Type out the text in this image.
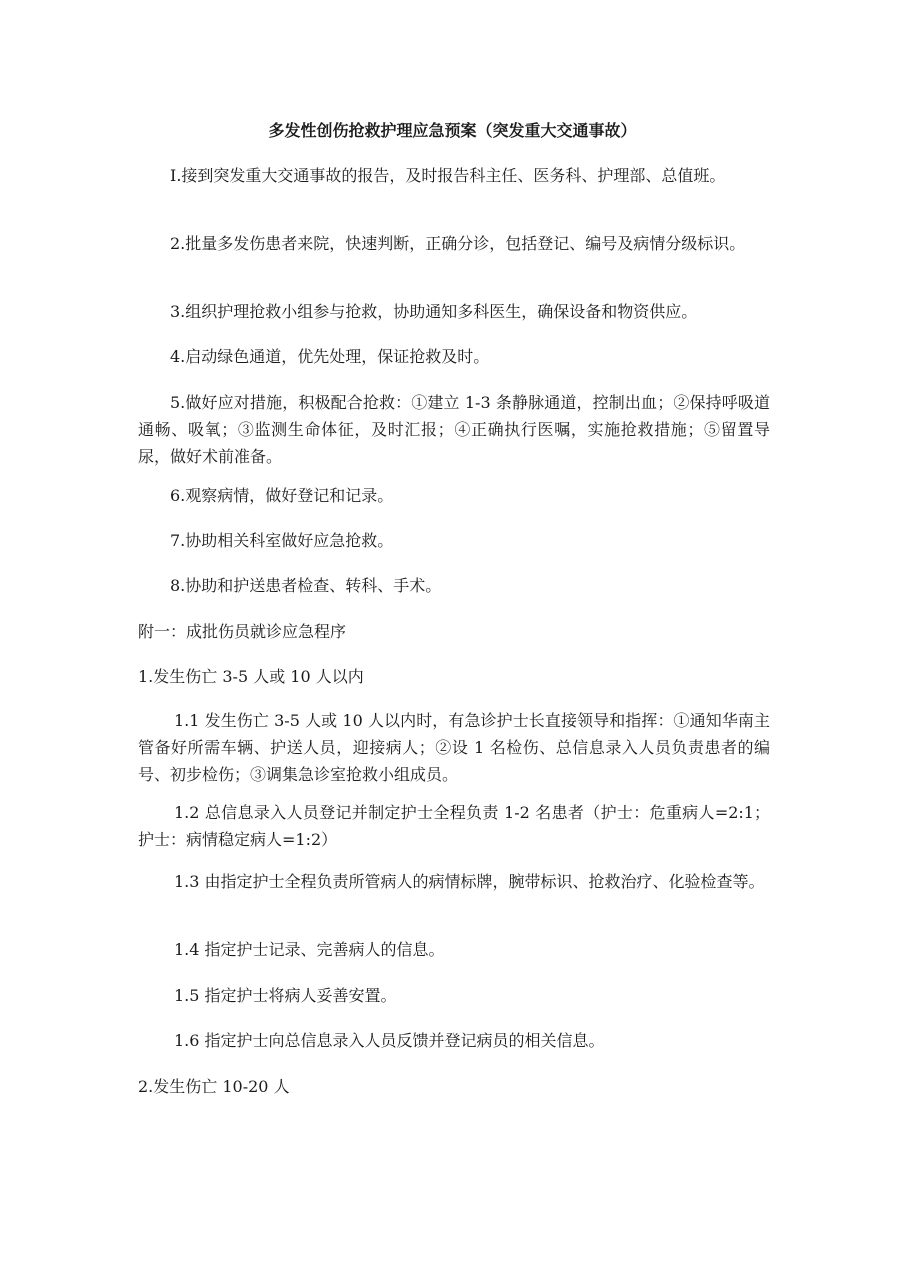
多发性创伤抢救护理应急预案（突发重大交通事故）

I.接到突发重大交通事故的报告，及时报告科主任、医务科、护理部、总值班。

2.批量多发伤患者来院，快速判断，正确分诊，包括登记、编号及病情分级标识。

3.组织护理抢救小组参与抢救，协助通知多科医生，确保设备和物资供应。

4.启动绿色通道，优先处理，保证抢救及时。

5.做好应对措施，积极配合抢救：①建立 1-3 条静脉通道，控制出血；②保持呼吸道通畅、吸氧；③监测生命体征，及时汇报；④正确执行医嘱，实施抢救措施；⑤留置导尿，做好术前准备。

6.观察病情，做好登记和记录。

7.协助相关科室做好应急抢救。

8.协助和护送患者检查、转科、手术。

附一：成批伤员就诊应急程序

1.发生伤亡 3-5 人或 10 人以内

1.1 发生伤亡 3-5 人或 10 人以内时，有急诊护士长直接领导和指挥：①通知华南主管备好所需车辆、护送人员，迎接病人；②设 1 名检伤、总信息录入人员负责患者的编号、初步检伤；③调集急诊室抢救小组成员。

1.2 总信息录入人员登记并制定护士全程负责 1-2 名患者（护士：危重病人=2:1；护士：病情稳定病人=1:2）

1.3 由指定护士全程负责所管病人的病情标牌，腕带标识、抢救治疗、化验检查等。

1.4 指定护士记录、完善病人的信息。

1.5 指定护士将病人妥善安置。

1.6 指定护士向总信息录入人员反馈并登记病员的相关信息。

2.发生伤亡 10-20 人
